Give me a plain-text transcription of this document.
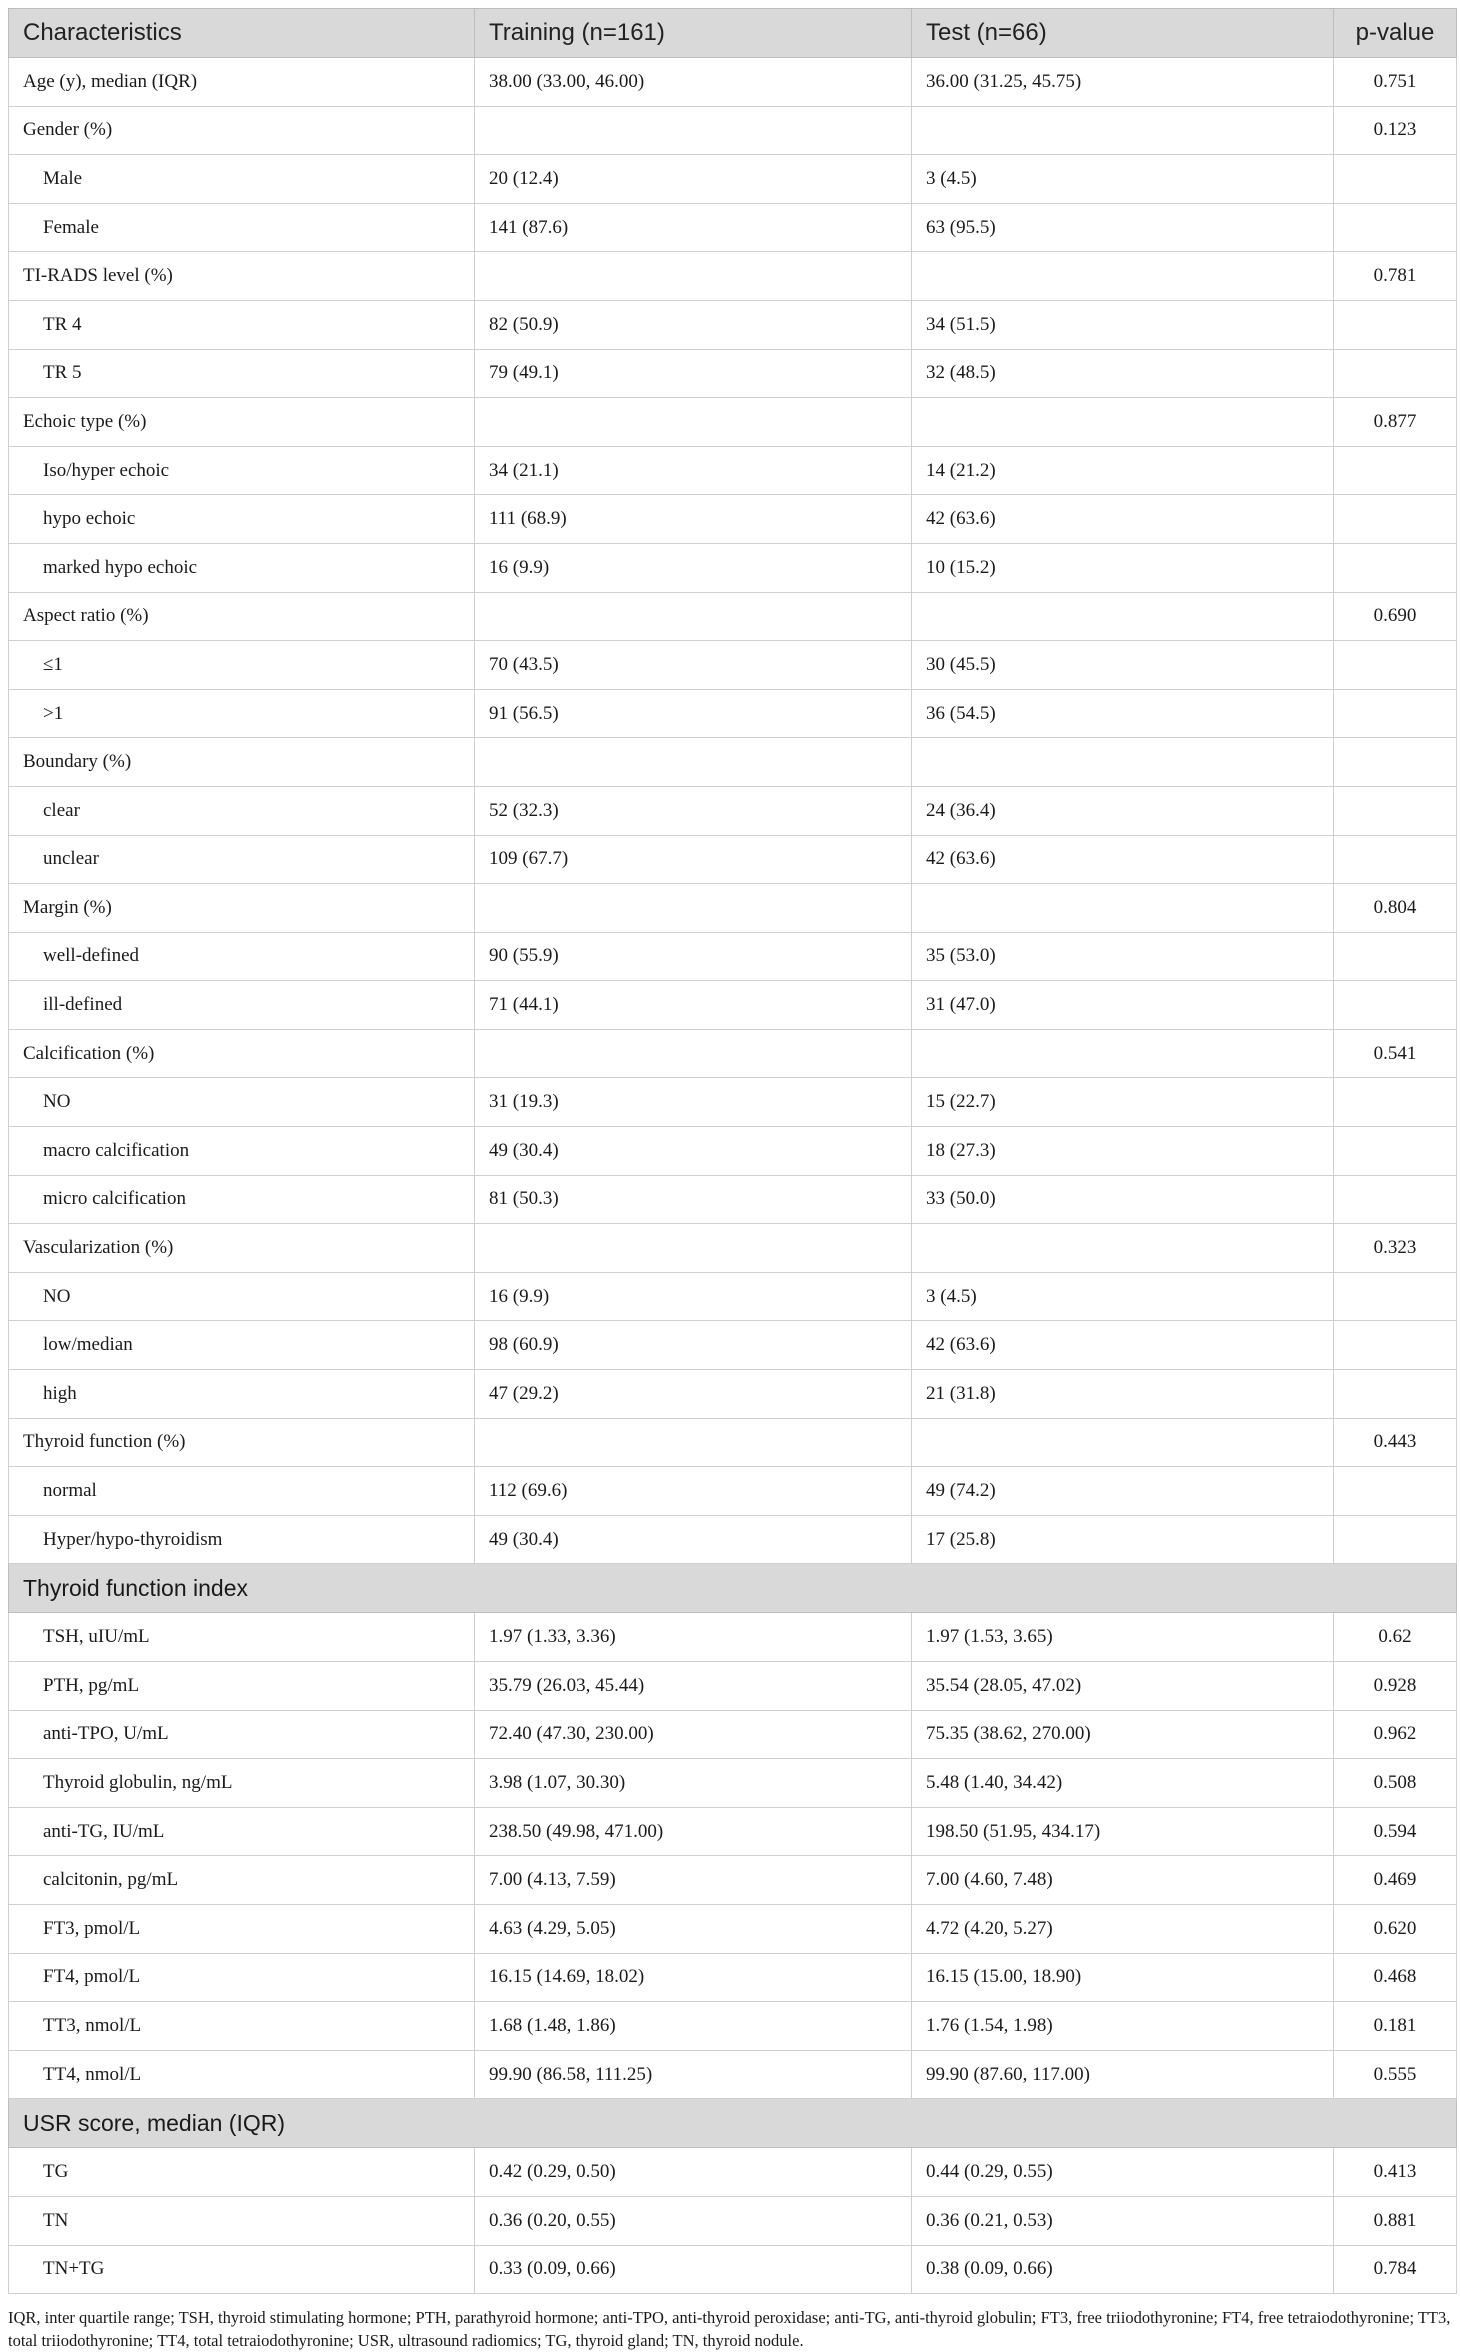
Characteristics	Training (n=161)	Test (n=66)	p-value
Age (y), median (IQR)	38.00 (33.00, 46.00)	36.00 (31.25, 45.75)	0.751
Gender (%)			0.123
Male	20 (12.4)	3 (4.5)	
Female	141 (87.6)	63 (95.5)	
TI-RADS level (%)			0.781
TR 4	82 (50.9)	34 (51.5)	
TR 5	79 (49.1)	32 (48.5)	
Echoic type (%)			0.877
Iso/hyper echoic	34 (21.1)	14 (21.2)	
hypo echoic	111 (68.9)	42 (63.6)	
marked hypo echoic	16 (9.9)	10 (15.2)	
Aspect ratio (%)			0.690
≤1	70 (43.5)	30 (45.5)	
>1	91 (56.5)	36 (54.5)	
Boundary (%)			
clear	52 (32.3)	24 (36.4)	
unclear	109 (67.7)	42 (63.6)	
Margin (%)			0.804
well-defined	90 (55.9)	35 (53.0)	
ill-defined	71 (44.1)	31 (47.0)	
Calcification (%)			0.541
NO	31 (19.3)	15 (22.7)	
macro calcification	49 (30.4)	18 (27.3)	
micro calcification	81 (50.3)	33 (50.0)	
Vascularization (%)			0.323
NO	16 (9.9)	3 (4.5)	
low/median	98 (60.9)	42 (63.6)	
high	47 (29.2)	21 (31.8)	
Thyroid function (%)			0.443
normal	112 (69.6)	49 (74.2)	
Hyper/hypo-thyroidism	49 (30.4)	17 (25.8)	
Thyroid function index			
TSH, uIU/mL	1.97 (1.33, 3.36)	1.97 (1.53, 3.65)	0.62
PTH, pg/mL	35.79 (26.03, 45.44)	35.54 (28.05, 47.02)	0.928
anti-TPO, U/mL	72.40 (47.30, 230.00)	75.35 (38.62, 270.00)	0.962
Thyroid globulin, ng/mL	3.98 (1.07, 30.30)	5.48 (1.40, 34.42)	0.508
anti-TG, IU/mL	238.50 (49.98, 471.00)	198.50 (51.95, 434.17)	0.594
calcitonin, pg/mL	7.00 (4.13, 7.59)	7.00 (4.60, 7.48)	0.469
FT3, pmol/L	4.63 (4.29, 5.05)	4.72 (4.20, 5.27)	0.620
FT4, pmol/L	16.15 (14.69, 18.02)	16.15 (15.00, 18.90)	0.468
TT3, nmol/L	1.68 (1.48, 1.86)	1.76 (1.54, 1.98)	0.181
TT4, nmol/L	99.90 (86.58, 111.25)	99.90 (87.60, 117.00)	0.555
USR score, median (IQR)			
TG	0.42 (0.29, 0.50)	0.44 (0.29, 0.55)	0.413
TN	0.36 (0.20, 0.55)	0.36 (0.21, 0.53)	0.881
TN+TG	0.33 (0.09, 0.66)	0.38 (0.09, 0.66)	0.784
IQR, inter quartile range; TSH, thyroid stimulating hormone; PTH, parathyroid hormone; anti-TPO, anti-thyroid peroxidase; anti-TG, anti-thyroid globulin; FT3, free triiodothyronine; FT4, free tetraiodothyronine; TT3, total triiodothyronine; TT4, total tetraiodothyronine; USR, ultrasound radiomics; TG, thyroid gland; TN, thyroid nodule.
